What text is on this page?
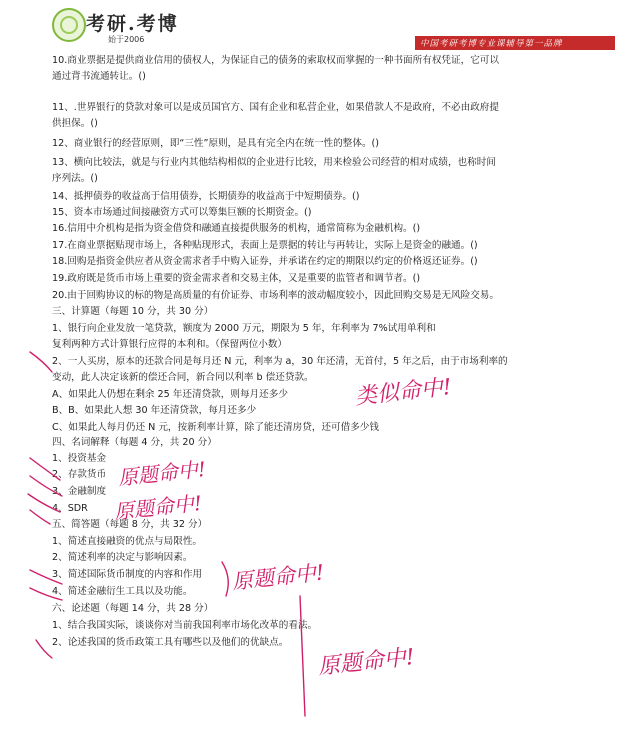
考研.考博
始于2006	中国考研考博专业课辅导第一品牌
10.商业票据是提供商业信用的债权人，为保证自己的债务的索取权而掌握的一种书面所有权凭证，它可以
通过背书流通转让。()
11、.世界银行的贷款对象可以是成员国官方、国有企业和私营企业，如果借款人不是政府，不必由政府提
供担保。()
12、商业银行的经营原则，即“三性”原则，是具有完全内在统一性的整体。()
13、横向比较法，就是与行业内其他结构相似的企业进行比较，用来检验公司经营的相对成绩，也称时间
序列法。()
14、抵押债券的收益高于信用债券，长期债券的收益高于中短期债券。()
15、资本市场通过间接融资方式可以筹集巨额的长期资金。()
16.信用中介机构是指为资金借贷和融通直接提供服务的机构，通常简称为金融机构。()
17.在商业票据贴现市场上，各种贴现形式，表面上是票据的转让与再转让，实际上是资金的融通。()
18.回购是指资金供应者从资金需求者手中购入证券，并承诺在约定的期限以约定的价格返还证券。()
19.政府既是货币市场上重要的资金需求者和交易主体，又是重要的监管者和调节者。()
20.由于回购协议的标的物是高质量的有价证券、市场利率的波动幅度较小，因此回购交易是无风险交易。
三、计算题（每题 10 分，共 30 分）
1、银行向企业发放一笔贷款，额度为 2000 万元，期限为 5 年，年利率为 7%试用单利和
复利两种方式计算银行应得的本利和。（保留两位小数）
2、一人买房，原本的还款合同是每月还 N 元，利率为 a，30 年还清，无首付，5 年之后，由于市场利率的
变动，此人决定该新的偿还合同，新合同以利率 b 偿还贷款。
A、如果此人仍想在剩余 25 年还清贷款，则每月还多少
B、B、如果此人想 30 年还清贷款，每月还多少
C、如果此人每月仍还 N 元，按新利率计算，除了能还清房贷，还可借多少钱
四、名词解释（每题 4 分，共 20 分）
1、投资基金
2、存款货币
3、金融制度
4、SDR
五、简答题（每题 8 分，共 32 分）
1、简述直接融资的优点与局限性。
2、简述利率的决定与影响因素。
3、简述国际货币制度的内容和作用
4、简述金融衍生工具以及功能。
六、论述题（每题 14 分，共 28 分）
1、结合我国实际，谈谈你对当前我国利率市场化改革的看法。
2、论述我国的货币政策工具有哪些以及他们的优缺点。
类似命中!
原题命中!
原题命中!
原题命中!
原题命中!
